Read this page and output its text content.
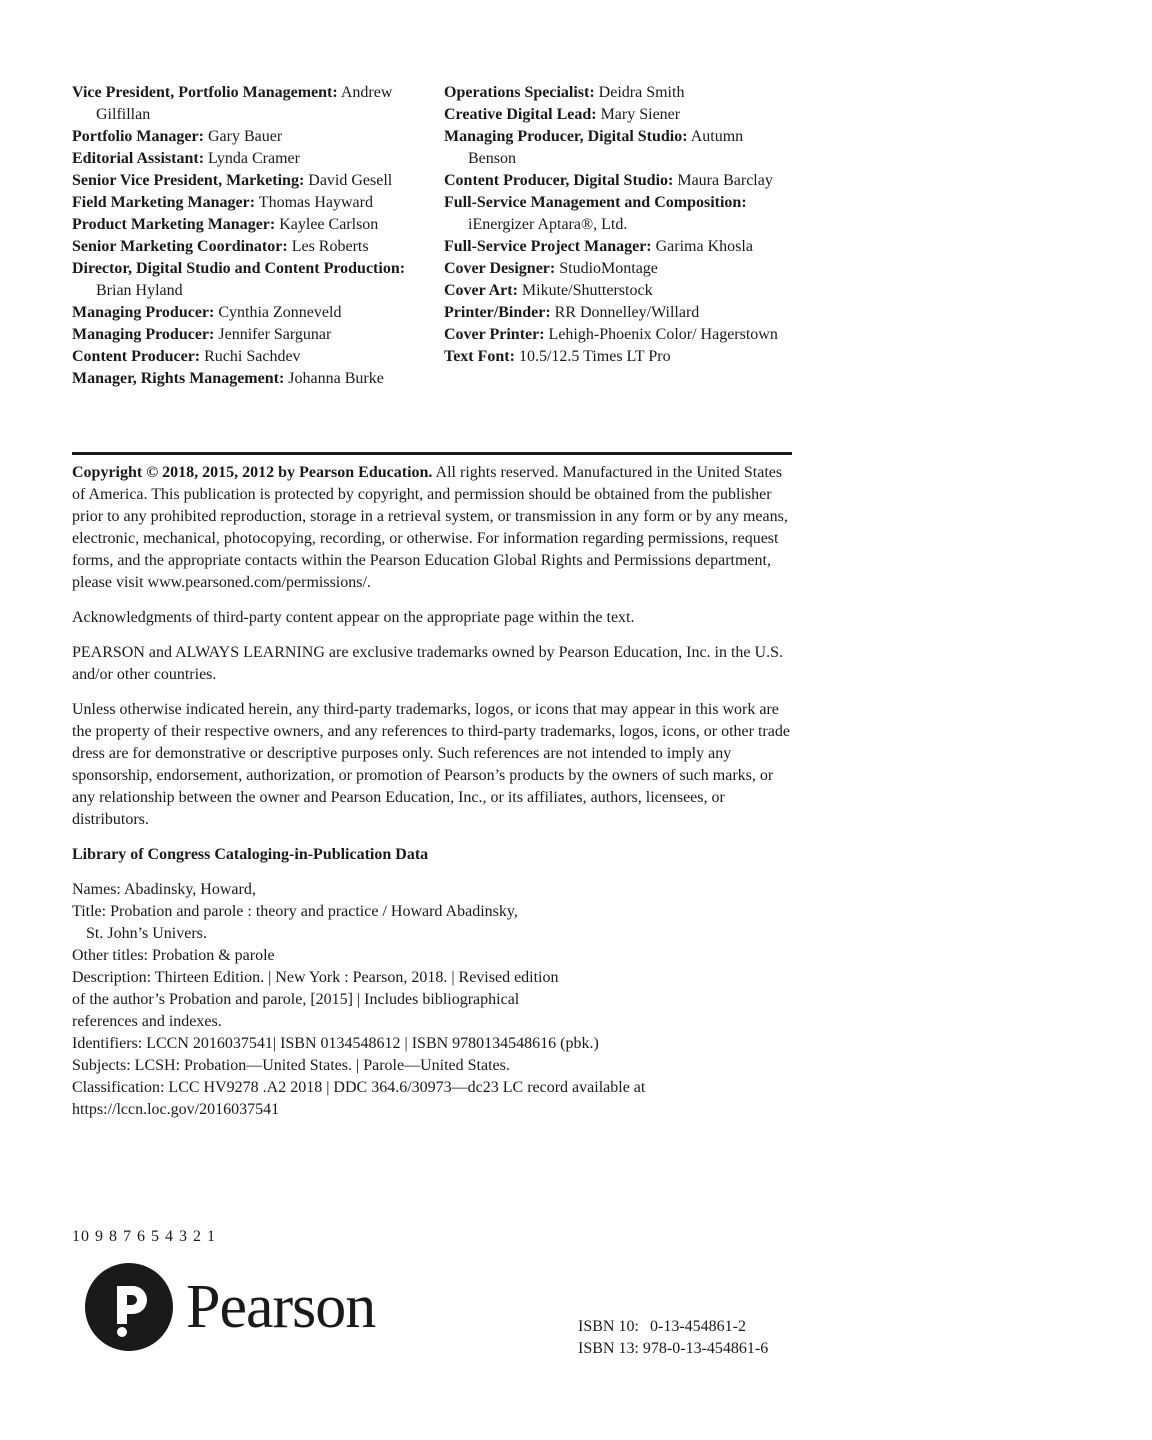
Vice President, Portfolio Management: Andrew Gilfillan
Portfolio Manager: Gary Bauer
Editorial Assistant: Lynda Cramer
Senior Vice President, Marketing: David Gesell
Field Marketing Manager: Thomas Hayward
Product Marketing Manager: Kaylee Carlson
Senior Marketing Coordinator: Les Roberts
Director, Digital Studio and Content Production: Brian Hyland
Managing Producer: Cynthia Zonneveld
Managing Producer: Jennifer Sargunar
Content Producer: Ruchi Sachdev
Manager, Rights Management: Johanna Burke
Operations Specialist: Deidra Smith
Creative Digital Lead: Mary Siener
Managing Producer, Digital Studio: Autumn Benson
Content Producer, Digital Studio: Maura Barclay
Full-Service Management and Composition: iEnergizer Aptara®, Ltd.
Full-Service Project Manager: Garima Khosla
Cover Designer: StudioMontage
Cover Art: Mikute/Shutterstock
Printer/Binder: RR Donnelley/Willard
Cover Printer: Lehigh-Phoenix Color/ Hagerstown
Text Font: 10.5/12.5 Times LT Pro

Copyright © 2018, 2015, 2012 by Pearson Education. All rights reserved. Manufactured in the United States of America. This publication is protected by copyright, and permission should be obtained from the publisher prior to any prohibited reproduction, storage in a retrieval system, or transmission in any form or by any means, electronic, mechanical, photocopying, recording, or otherwise. For information regarding permissions, request forms, and the appropriate contacts within the Pearson Education Global Rights and Permissions department, please visit www.pearsoned.com/permissions/.

Acknowledgments of third-party content appear on the appropriate page within the text.

PEARSON and ALWAYS LEARNING are exclusive trademarks owned by Pearson Education, Inc. in the U.S. and/or other countries.

Unless otherwise indicated herein, any third-party trademarks, logos, or icons that may appear in this work are the property of their respective owners, and any references to third-party trademarks, logos, icons, or other trade dress are for demonstrative or descriptive purposes only. Such references are not intended to imply any sponsorship, endorsement, authorization, or promotion of Pearson’s products by the owners of such marks, or any relationship between the owner and Pearson Education, Inc., or its affiliates, authors, licensees, or distributors.

Library of Congress Cataloging-in-Publication Data

Names: Abadinsky, Howard,
Title: Probation and parole : theory and practice / Howard Abadinsky,
St. John’s Univers.
Other titles: Probation & parole
Description: Thirteen Edition. | New York : Pearson, 2018. | Revised edition
of the author’s Probation and parole, [2015] | Includes bibliographical
references and indexes.
Identifiers: LCCN 2016037541| ISBN 0134548612 | ISBN 9780134548616 (pbk.)
Subjects: LCSH: Probation—United States. | Parole—United States.
Classification: LCC HV9278 .A2 2018 | DDC 364.6/30973—dc23 LC record available at
https://lccn.loc.gov/2016037541
10 9 8 7 6 5 4 3 2 1
Pearson	ISBN 10: 0-13-454861-2
ISBN 13:
978-0-13-454861-6
